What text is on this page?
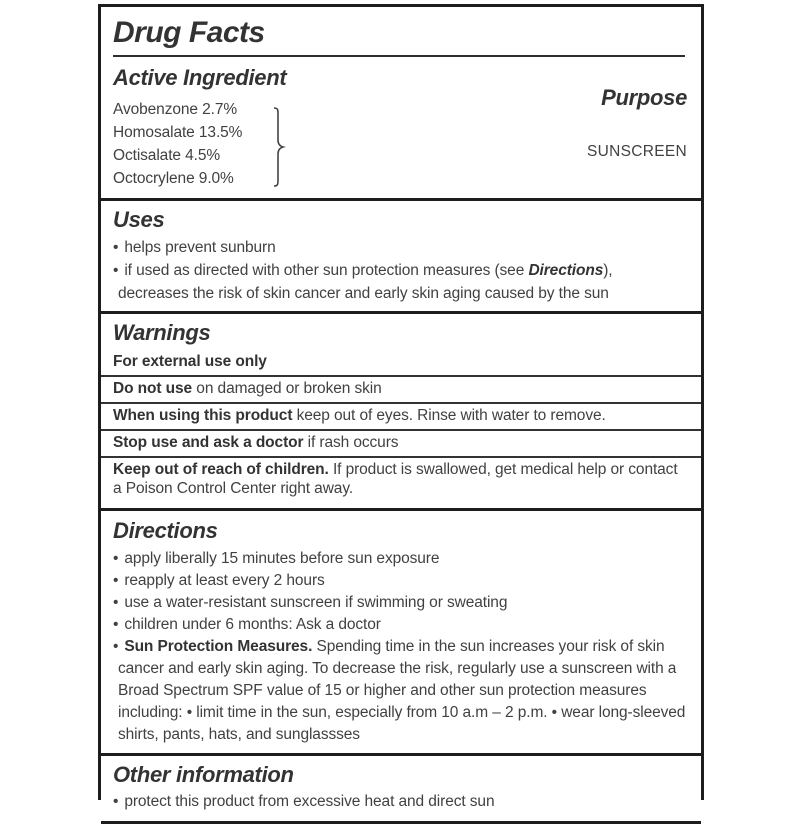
Drug Facts
Active Ingredient
Avobenzone 2.7%
Homosalate 13.5%
Octisalate 4.5%
Octocrylene 9.0%
Purpose
SUNSCREEN
Uses
• helps prevent sunburn
• if used as directed with other sun protection measures (see Directions), decreases the risk of skin cancer and early skin aging caused by the sun
Warnings
For external use only
Do not use on damaged or broken skin
When using this product keep out of eyes. Rinse with water to remove.
Stop use and ask a doctor if rash occurs
Keep out of reach of children. If product is swallowed, get medical help or contact a Poison Control Center right away.
Directions
• apply liberally 15 minutes before sun exposure
• reapply at least every 2 hours
• use a water-resistant sunscreen if swimming or sweating
• children under 6 months: Ask a doctor
• Sun Protection Measures. Spending time in the sun increases your risk of skin cancer and early skin aging. To decrease the risk, regularly use a sunscreen with a Broad Spectrum SPF value of 15 or higher and other sun protection measures including: • limit time in the sun, especially from 10 a.m – 2 p.m. • wear long-sleeved shirts, pants, hats, and sunglassses
Other information
• protect this product from excessive heat and direct sun
